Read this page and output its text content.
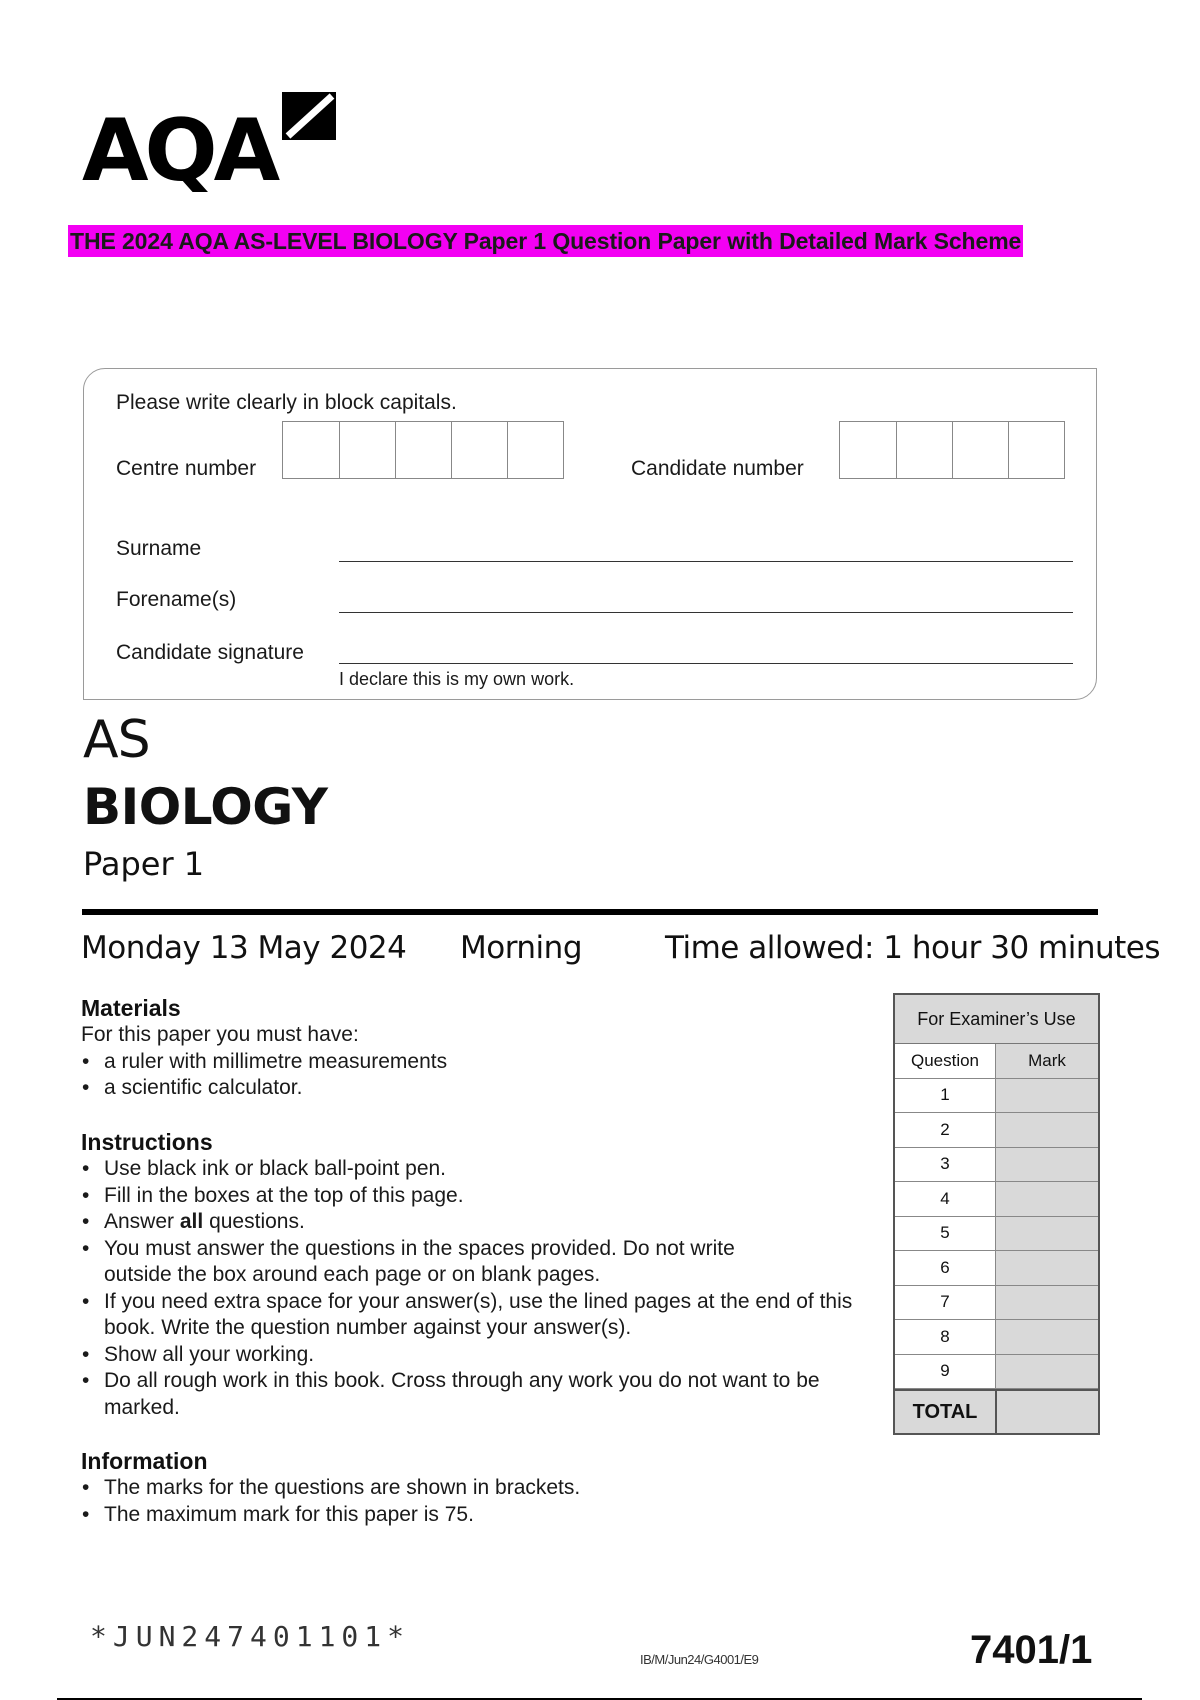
AQA
THE 2024 AQA AS-LEVEL BIOLOGY Paper 1 Question Paper with Detailed Mark Scheme
Please write clearly in block capitals.
Centre number	Candidate number
Surname
Forename(s)
Candidate signature
I declare this is my own work.
AS
BIOLOGY
Paper 1
Monday 13 May 2024 Morning	Time allowed: 1 hour 30 minutes
Materials
For this paper you must have:
• a ruler with millimetre measurements
• a scientific calculator.
Instructions
• Use black ink or black ball-point pen.
• Fill in the boxes at the top of this page.
• Answer all questions.
• You must answer the questions in the spaces provided. Do not write outside the box around each page or on blank pages.
• If you need extra space for your answer(s), use the lined pages at the end of this book. Write the question number against your answer(s).
• Show all your working.
• Do all rough work in this book. Cross through any work you do not want to be marked.
Information
• The marks for the questions are shown in brackets.
• The maximum mark for this paper is 75.
For Examiner’s Use
Question	Mark
1
2
3
4
5
6
7
8
9
TOTAL
*JUN247401101*
IB/M/Jun24/G4001/E9	7401/1
